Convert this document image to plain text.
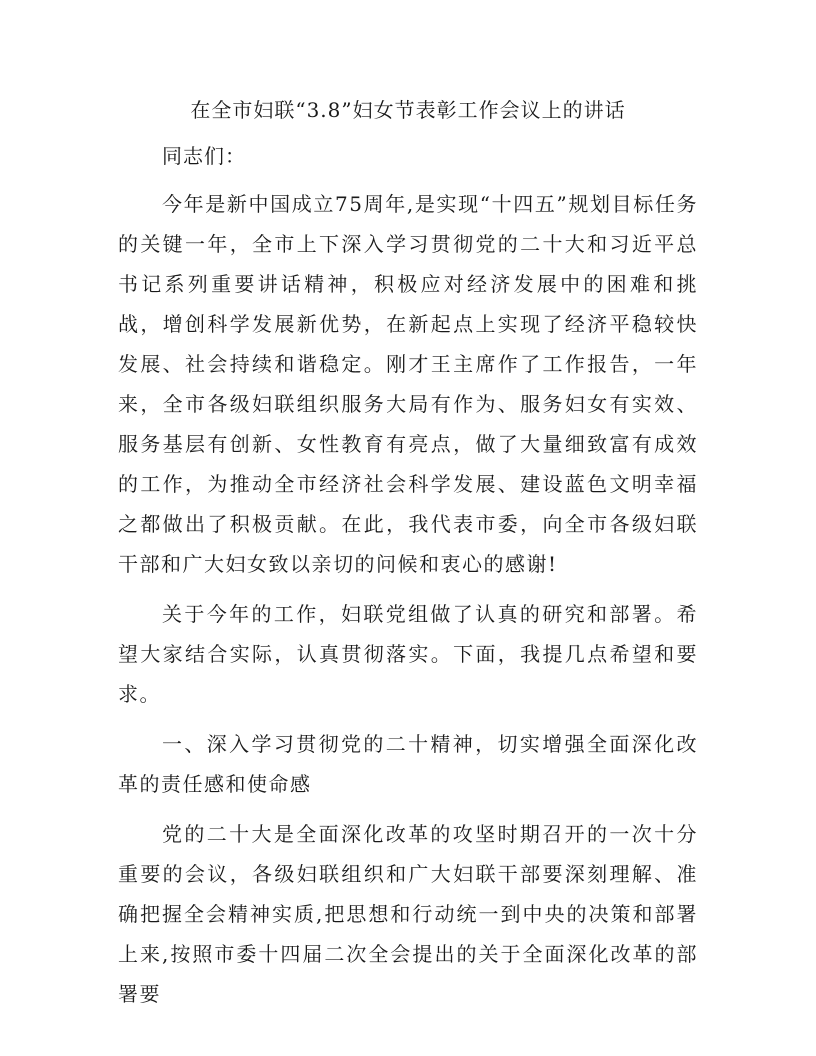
在全市妇联“3.8”妇女节表彰工作会议上的讲话

同志们：

今年是新中国成立75周年,是实现“十四五”规划目标任务的关键一年，全市上下深入学习贯彻党的二十大和习近平总书记系列重要讲话精神，积极应对经济发展中的困难和挑战，增创科学发展新优势，在新起点上实现了经济平稳较快发展、社会持续和谐稳定。刚才王主席作了工作报告，一年来，全市各级妇联组织服务大局有作为、服务妇女有实效、服务基层有创新、女性教育有亮点，做了大量细致富有成效的工作，为推动全市经济社会科学发展、建设蓝色文明幸福之都做出了积极贡献。在此，我代表市委，向全市各级妇联干部和广大妇女致以亲切的问候和衷心的感谢!

关于今年的工作，妇联党组做了认真的研究和部署。希望大家结合实际，认真贯彻落实。下面，我提几点希望和要求。

一、深入学习贯彻党的二十精神，切实增强全面深化改革的责任感和使命感

党的二十大是全面深化改革的攻坚时期召开的一次十分重要的会议，各级妇联组织和广大妇联干部要深刻理解、准确把握全会精神实质,把思想和行动统一到中央的决策和部署上来,按照市委十四届二次全会提出的关于全面深化改革的部署要
